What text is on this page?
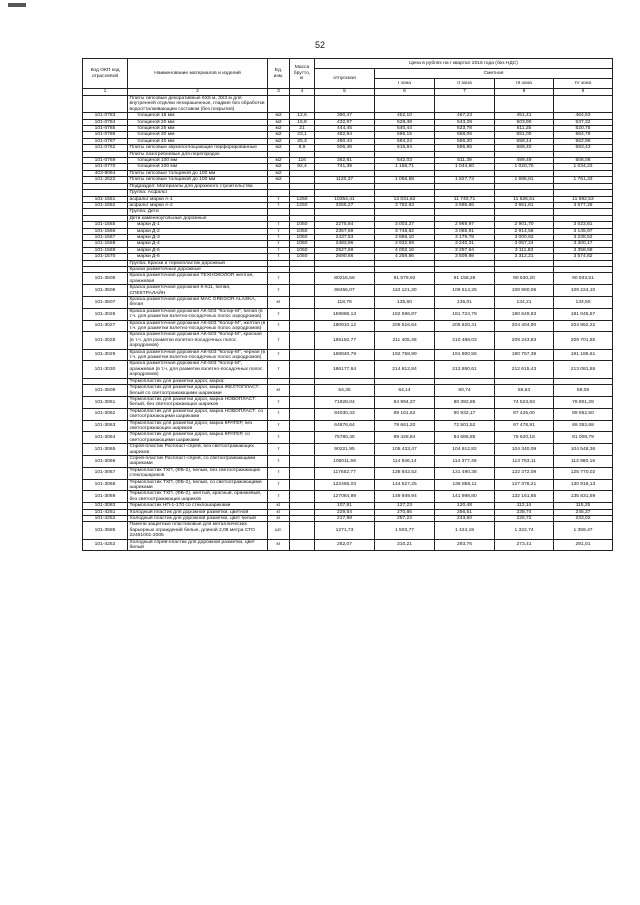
52
Код ОКП код отраслевой	Наименование материалов и изделий	Ед. изм.	Масса брутто, кг	Цена в рублях на I квартал 2016 года (без НДС)				
				отпускная	Сметная			
					I зона	II зона	III зона	IV зона
1	2	3	4	5	6	7	8	9
	Плиты гипсовые декоративные 6Х6 м, ЗХ3 м для внутренней отделки неокрашенные, гладкие без обработки водоотталкивающим составом (без покрытия)							
101-0783	толщиной 15 мм	м2	12,6	390,47	452,10	467,23	451,41	464,53
101-0784	толщиной 20 мм	м2	16,8	432,97	528,48	543,28	503,90	537,32
101-0785	толщиной 25 мм	м2	21	444,45	540,44	523,78	511,25	520,75
101-0786	толщиной 30 мм	м2	23,1	482,94	586,15	568,06	551,00	564,79
101-0787	толщиной 40 мм	м2	25,3	480,44	584,24	566,20	559,14	562,96
101-0762	Плиты гипсовые звукопоглощающие перфорированные	м2	8,9	506,46	615,84	596,85	589,40	593,43
	Плиты пазогребневые для перегородок							
101-0769	толщиной 100 мм	м2	116	362,81	542,03	511,39	499,49	506,08
101-0770	толщиной 100 мм	м2	92,4	741,39	1 156,71	1 044,60	1 020,70	1 034,23
403-9094	Плиты гипсовые толщиной до 100 мм	м2						
101-2622	Плиты гипсовые толщиной до 100 мм	м2		1120,37	1 056,58	1 827,73	1 695,81	1 761,33
	Подраздел: Материалы для дорожного строительства							
	Группа: Асфальт							
101-1551	асфальт марки А-1	т	1250	10354,41	12 031,62	11 740,71	11 626,51	11 692,53
101-1552	асфальт марки А-2	т	1250	3255,27	3 782,63	3 695,66	3 651,61	3 677,28
	Группа: Дети							
	Дети каменноугольные дорожные							
101-1565	марки Д-1	т	1050	2275,84	3 003,27	2 969,97	2 901,70	3 023,61
101-1566	марки Д-2	т	1050	2367,69	3 748,82	3 065,91	2 914,58	3 145,97
101-1567	марки Д-3	т	1050	2437,53	3 856,10	3 179,78	3 000,62	3 238,52
101-1568	марки Д-4	т	1050	2483,96	3 932,59	3 240,31	3 057,24	3 300,17
101-1569	марки Д-5	т	1050	2527,69	4 002,16	3 297,64	3 111,83	3 358,58
101-1570	марки Д-6	т	1050	2690,66	4 259,86	3 509,98	3 312,21	3 574,82
	Группа: Краски и термопластик дорожный							
	Краски разметочные дорожные							
101-3505	Краска разметочная дорожная ТЕХНОКОЛОР, желтая, оранжевая	т		80215,56	91 579,92	91 158,28	90 630,20	90 933,51
101-3506	Краска разметочная дорожная К-611, белая, СПЕКТРАЛАЙН	т		98456,07	110 121,30	109 514,25	108 990,06	109 224,10
101-3507	Краска разметочная дорожная MAC GREGOR ALASKA, белая	кг		118,78	135,60	135,01	134,21	134,50
101-3026	Краска разметочная дорожная АК-503 "Колор-М", белая (в т.ч. для разметки взлетно-посадочных полос аэродромов)	т		159886,13	182 596,87	181 724,79	180 649,83	181 045,67
101-3027	Краска разметочная дорожная АК-503 "Колор-М", желтая (в т.ч. для разметки взлетно-посадочных полос аэродромов)	т		180910,12	206 516,64	205 620,41	204 404,90	204 852,22
101-3028	Краска разметочная дорожная АК-503 "Колор-М", красная (в т.ч. для разметки взлетно-посадочных полос аэродромов)	т		185192,77	211 405,48	210 488,03	209 243,83	209 701,65
101-3029	Краска разметочная дорожная АК-503 "Колор-М", черная (в т.ч. для разметки взлетно-посадочных полос аэродромов)	т		168840,79	192 758,99	191 900,55	190 767,39	191 185,61
101-3030	Краска разметочная дорожная АК-503 "Колор-М", оранжевая (в т.ч. для разметки взлетно-посадочных полос аэродромов)	т		186177,64	214 812,84	213 880,61	212 615,43	213 081,55
	Термопластик для разметки дорог, марка:							
101-3509	Термопластик для разметки дорог, марка ЖЕЛТОПЛАСТ: белый со светоотражающими шариками	кг		54,35	64,14	60,74	59,53	58,09
101-3061	Термопластик для разметки дорог, марка НОВОПЛАСТ: белый, без светоотражающих шариков	т		71928,04	84 994,37	80 392,85	74 523,83	76 801,28
101-3062	Термопластик для разметки дорог, марка НОВОПЛАСТ: со светоотражающими шариками	т		84030,43	89 161,62	90 932,17	87 425,00	89 852,50
101-3063	Термопластик для разметки дорог, марка КРАТЕР, без светоотражающих шариков	т		64876,64	78 661,20	72 501,52	67 478,91	69 352,68
101-3064	Термопластик для разметки дорог, марка КРАТЕР, со светоотражающими шариками	т		75780,45	89 428,84	84 686,85	78 620,18	81 008,79
101-3065	Спрей-пластик Роспласт-спрей, без светоотражающих шариков	т		90221,95	106 433,47	104 912,82	104 340,09	104 548,36
101-3066	Спрей-пластик Роспласт-спрей, со светоотражающими шариками	т		105011,59	114 946,14	114 377,49	113 753,11	113 980,16
101-3067	Термопластик ТХП, (ФБ-2), белый, без светоотражающих стеклошариков	т		117652,77	138 842,52	131 490,38	122 372,09	125 770,02
101-3068	Термопластик ТХП, (ФБ-2), белый, со светоотражающими шариками	т		122465,03	144 527,25	136 859,11	127 378,21	130 916,13
101-3069	Термопластик ТХП, (ФБ-2), желтый, красный, оранжевый, без светоотражающих шариков	т		127084,89	149 949,94	141 998,80	132 161,85	135 831,59
101-3083	Термопластик НП-1-170 со стеклошариками	кг		107,81	127,23	120,48	112,14	115,25
101-4251	Холодный пластик для дорожной разметки, цветной	кг		229,54	270,86	256,51	238,74	245,37
101-4252	Холодный пластик для дорожной разметки, цвет белый	кг		217,98	257,24	243,60	226,72	233,02
101-3585	Панели защитные пластиковые для металлических барьерных ограждений белые, длиной 2,08 метра СТО 22461001-2005	шт.		1271,73	1 503,77	1 424,19	1 322,74	1 359,47
101-4252	Холодный спрей-пластик для дорожной разметки, цвет белый	кг		262,07	310,21	293,76	273,41	281,01
